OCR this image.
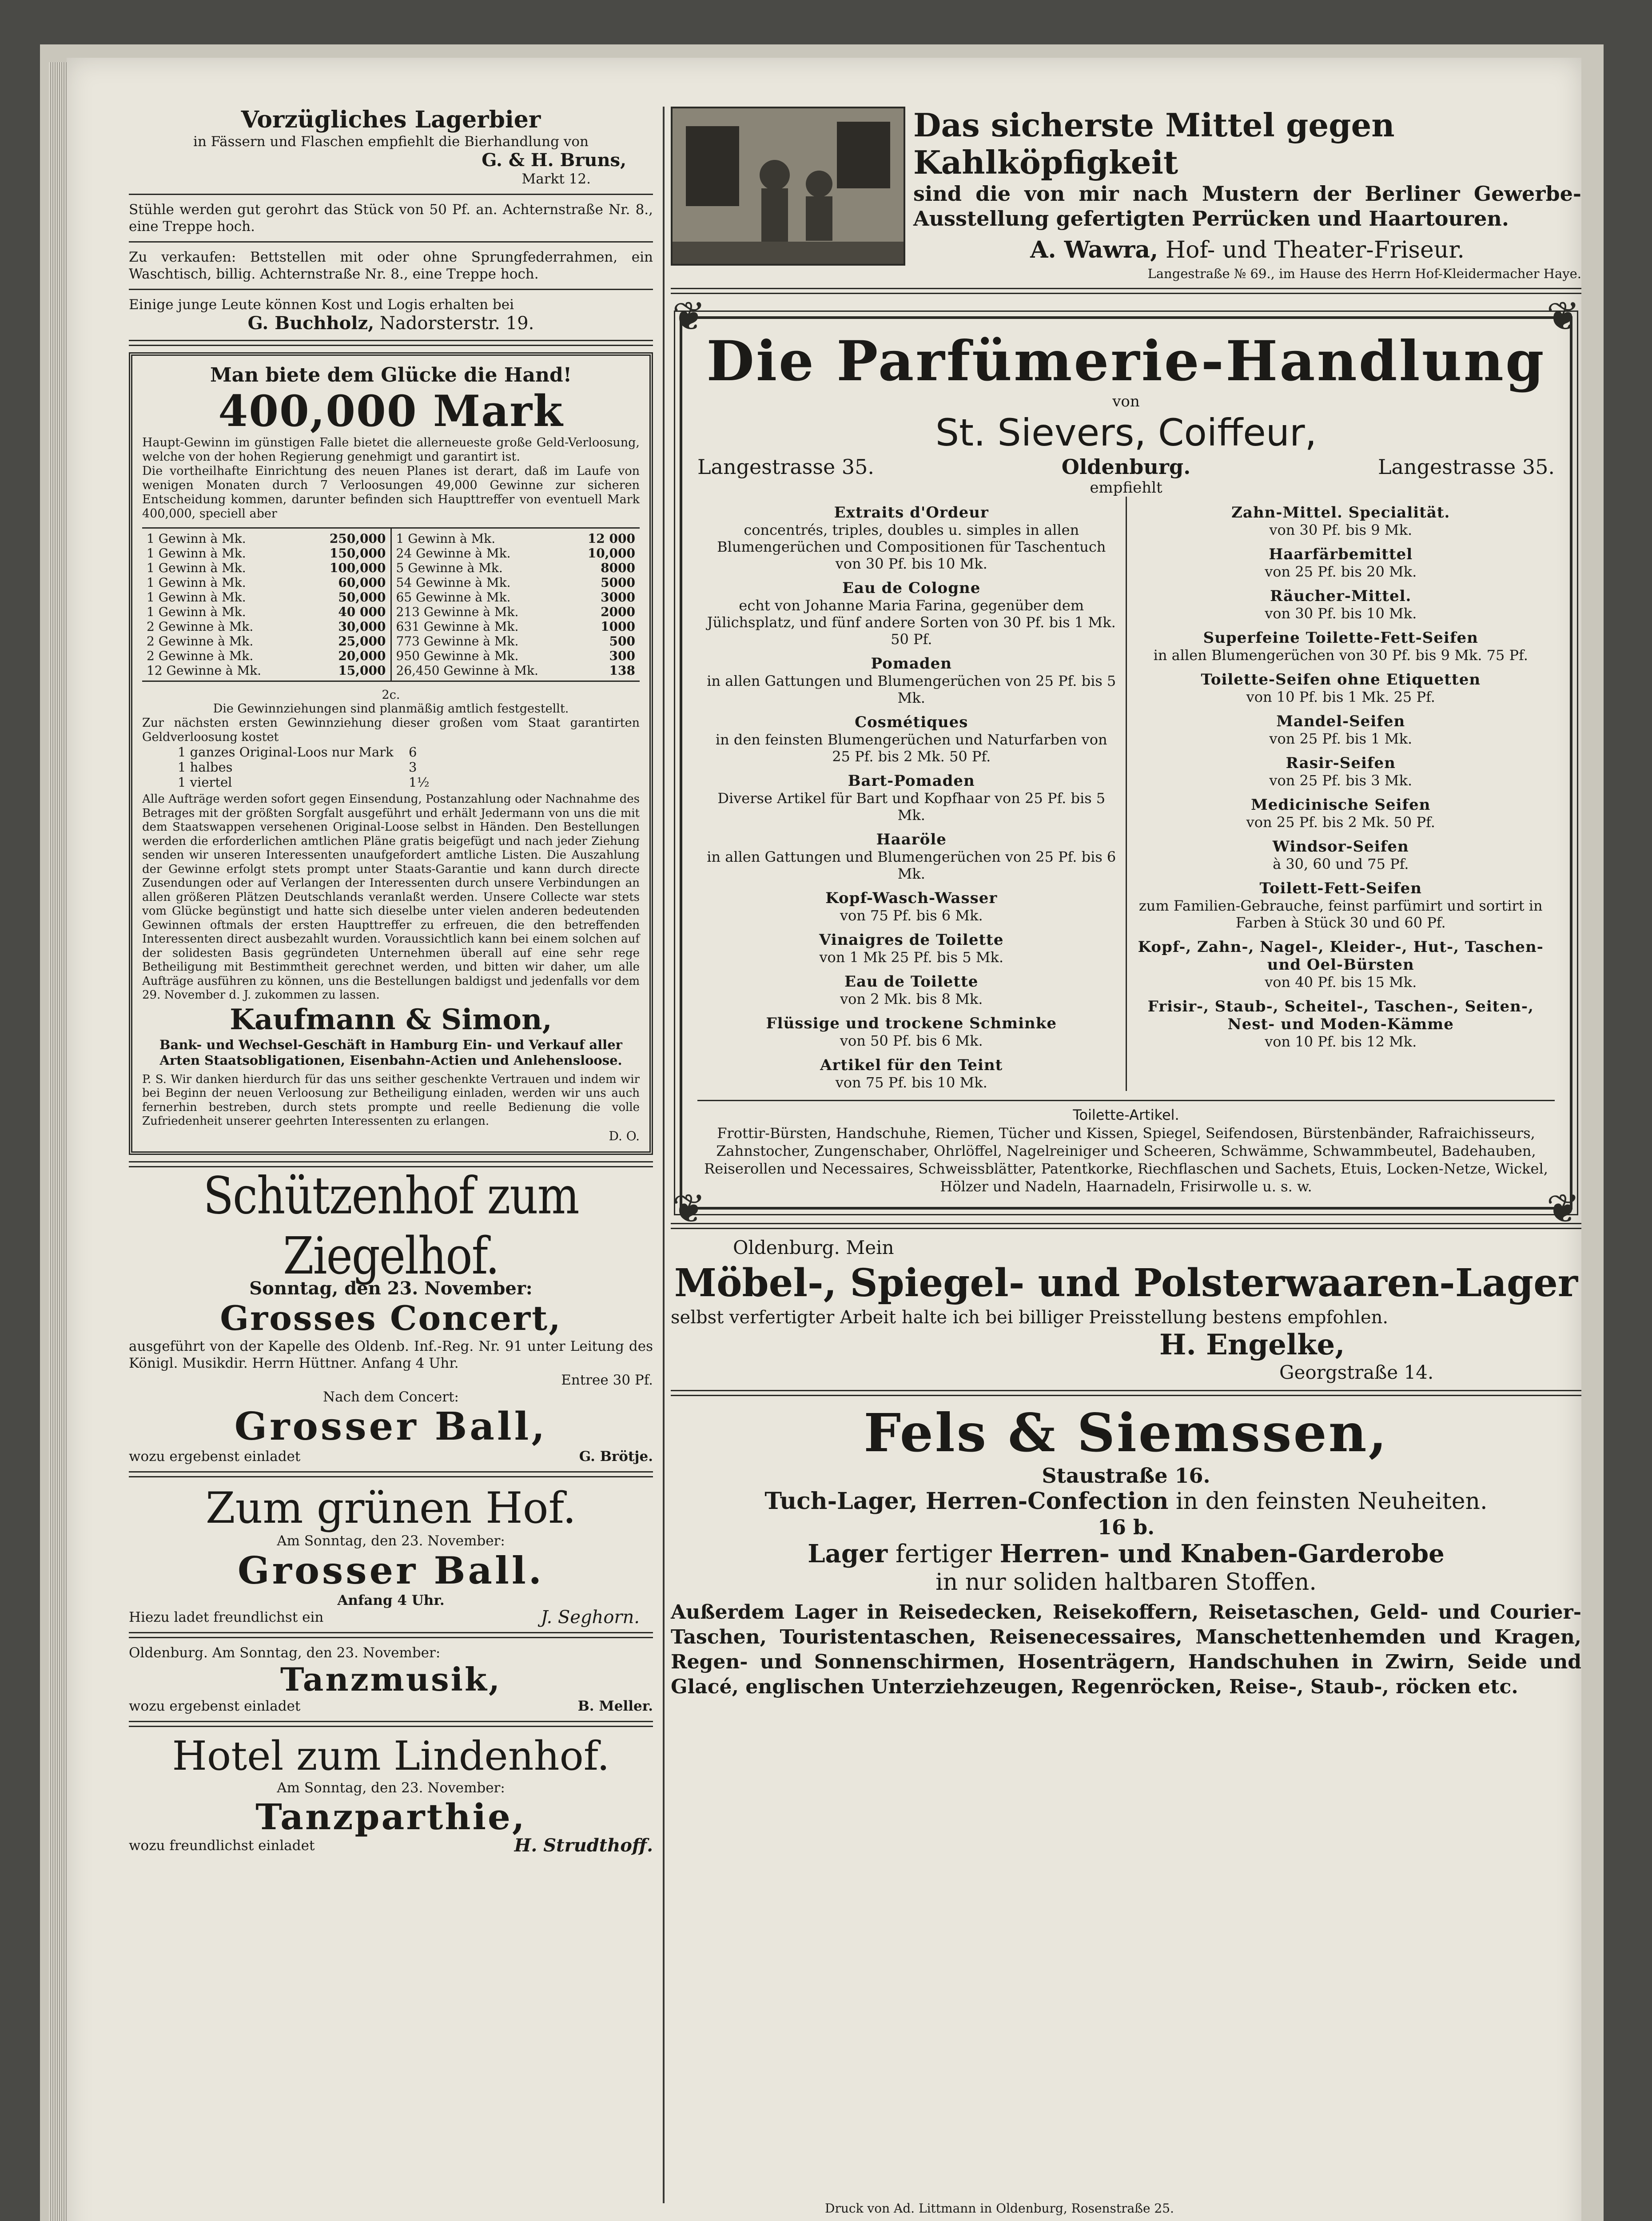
Vorzügliches Lagerbier

in Fässern und Flaschen empfiehlt die Bierhandlung von

G. & H. Bruns,

Markt 12.

Stühle werden gut gerohrt das Stück von 50 Pf. an. Achternstraße Nr. 8., eine Treppe hoch.

Zu verkaufen: Bettstellen mit oder ohne Sprungfederrahmen, ein Waschtisch, billig. Achternstraße Nr. 8., eine Treppe hoch.

Einige junge Leute können Kost und Logis erhalten bei

G. Buchholz, Nadorsterstr. 19.

Man biete dem Glücke die Hand!

400,000 Mark

Haupt-Gewinn im günstigen Falle bietet die allerneueste große Geld-Verloosung, welche von der hohen Regierung genehmigt und garantirt ist.

Die vortheilhafte Einrichtung des neuen Planes ist derart, daß im Laufe von wenigen Monaten durch 7 Verloosungen 49,000 Gewinne zur sicheren Entscheidung kommen, darunter befinden sich Haupttreffer von eventuell Mark 400,000, speciell aber

1 Gewinn à Mk.	250,000
1 Gewinn à Mk.	150,000
1 Gewinn à Mk.	100,000
1 Gewinn à Mk.	60,000
1 Gewinn à Mk.	50,000
1 Gewinn à Mk.	40 000
2 Gewinne à Mk.	30,000
2 Gewinne à Mk.	25,000
2 Gewinne à Mk.	20,000
12 Gewinne à Mk.	15,000
1 Gewinn à Mk.	12 000
24 Gewinne à Mk.	10,000
5 Gewinne à Mk.	8000
54 Gewinne à Mk.	5000
65 Gewinne à Mk.	3000
213 Gewinne à Mk.	2000
631 Gewinne à Mk.	1000
773 Gewinne à Mk.	500
950 Gewinne à Mk.	300
26,450 Gewinne à Mk.	138

2c.

Die Gewinnziehungen sind planmäßig amtlich festgestellt.

Zur nächsten ersten Gewinnziehung dieser großen vom Staat garantirten Geldverloosung kostet

1 ganzes Original-Loos nur Mark	6
1 halbes	3
1 viertel	1½

Alle Aufträge werden sofort gegen Einsendung, Postanzahlung oder Nachnahme des Betrages mit der größten Sorgfalt ausgeführt und erhält Jedermann von uns die mit dem Staatswappen versehenen Original-Loose selbst in Händen. Den Bestellungen werden die erforderlichen amtlichen Pläne gratis beigefügt und nach jeder Ziehung senden wir unseren Interessenten unaufgefordert amtliche Listen. Die Auszahlung der Gewinne erfolgt stets prompt unter Staats-Garantie und kann durch directe Zusendungen oder auf Verlangen der Interessenten durch unsere Verbindungen an allen größeren Plätzen Deutschlands veranlaßt werden. Unsere Collecte war stets vom Glücke begünstigt und hatte sich dieselbe unter vielen anderen bedeutenden Gewinnen oftmals der ersten Haupttreffer zu erfreuen, die den betreffenden Interessenten direct ausbezahlt wurden. Voraussichtlich kann bei einem solchen auf der solidesten Basis gegründeten Unternehmen überall auf eine sehr rege Betheiligung mit Bestimmtheit gerechnet werden, und bitten wir daher, um alle Aufträge ausführen zu können, uns die Bestellungen baldigst und jedenfalls vor dem 29. November d. J. zukommen zu lassen.

Kaufmann & Simon,

Bank- und Wechsel-Geschäft in Hamburg Ein- und Verkauf aller Arten Staatsobligationen, Eisenbahn-Actien und Anlehensloose.

P. S. Wir danken hierdurch für das uns seither geschenkte Vertrauen und indem wir bei Beginn der neuen Verloosung zur Betheiligung einladen, werden wir uns auch fernerhin bestreben, durch stets prompte und reelle Bedienung die volle Zufriedenheit unserer geehrten Interessenten zu erlangen.

D. O.

Schützenhof zum Ziegelhof.

Sonntag, den 23. November:

Grosses Concert,

ausgeführt von der Kapelle des Oldenb. Inf.-Reg. Nr. 91 unter Leitung des Königl. Musikdir. Herrn Hüttner. Anfang 4 Uhr.

Entree 30 Pf.

Nach dem Concert:

Grosser Ball,

wozu ergebenst einladet	G. Brötje.

Zum grünen Hof.

Am Sonntag, den 23. November:

Grosser Ball.

Anfang 4 Uhr.

Hiezu ladet freundlichst ein	J. Seghorn.

Oldenburg. Am Sonntag, den 23. November:

Tanzmusik,

wozu ergebenst einladet	B. Meller.

Hotel zum Lindenhof.

Am Sonntag, den 23. November:

Tanzparthie,

wozu freundlichst einladet	H. Strudthoff.

Das sicherste Mittel gegen Kahlköpfigkeit

sind die von mir nach Mustern der Berliner Gewerbe-Ausstellung gefertigten Perrücken und Haartouren.

A. Wawra, Hof- und Theater-Friseur.

Langestraße № 69., im Hause des Herrn Hof-Kleidermacher Haye.

❦	❦
❦	❦

Die Parfümerie-Handlung

von

St. Sievers, Coiffeur,

Langestrasse 35.	Oldenburg.	Langestrasse 35.

empfiehlt

Extraits d'Ordeur

concentrés, triples, doubles u. simples in allen Blumengerüchen und Compositionen für Taschentuch von 30 Pf. bis 10 Mk.

Eau de Cologne

echt von Johanne Maria Farina, gegenüber dem Jülichsplatz, und fünf andere Sorten von 30 Pf. bis 1 Mk. 50 Pf.

Pomaden

in allen Gattungen und Blumengerüchen von 25 Pf. bis 5 Mk.

Cosmétiques

in den feinsten Blumengerüchen und Naturfarben von 25 Pf. bis 2 Mk. 50 Pf.

Bart-Pomaden

Diverse Artikel für Bart und Kopfhaar von 25 Pf. bis 5 Mk.

Haaröle

in allen Gattungen und Blumengerüchen von 25 Pf. bis 6 Mk.

Kopf-Wasch-Wasser

von 75 Pf. bis 6 Mk.

Vinaigres de Toilette

von 1 Mk 25 Pf. bis 5 Mk.

Eau de Toilette

von 2 Mk. bis 8 Mk.

Flüssige und trockene Schminke

von 50 Pf. bis 6 Mk.

Artikel für den Teint

von 75 Pf. bis 10 Mk.

Zahn-Mittel. Specialität.

von 30 Pf. bis 9 Mk.

Haarfärbemittel

von 25 Pf. bis 20 Mk.

Räucher-Mittel.

von 30 Pf. bis 10 Mk.

Superfeine Toilette-Fett-Seifen

in allen Blumengerüchen von 30 Pf. bis 9 Mk. 75 Pf.

Toilette-Seifen ohne Etiquetten

von 10 Pf. bis 1 Mk. 25 Pf.

Mandel-Seifen

von 25 Pf. bis 1 Mk.

Rasir-Seifen

von 25 Pf. bis 3 Mk.

Medicinische Seifen

von 25 Pf. bis 2 Mk. 50 Pf.

Windsor-Seifen

à 30, 60 und 75 Pf.

Toilett-Fett-Seifen

zum Familien-Gebrauche, feinst parfümirt und sortirt in Farben à Stück 30 und 60 Pf.

Kopf-, Zahn-, Nagel-, Kleider-, Hut-, Taschen- und Oel-Bürsten

von 40 Pf. bis 15 Mk.

Frisir-, Staub-, Scheitel-, Taschen-, Seiten-, Nest- und Moden-Kämme

von 10 Pf. bis 12 Mk.

Toilette-Artikel.

Frottir-Bürsten, Handschuhe, Riemen, Tücher und Kissen, Spiegel, Seifendosen, Bürstenbänder, Rafraichisseurs, Zahnstocher, Zungenschaber, Ohrlöffel, Nagelreiniger und Scheeren, Schwämme, Schwammbeutel, Badehauben, Reiserollen und Necessaires, Schweissblätter, Patentkorke, Riechflaschen und Sachets, Etuis, Locken-Netze, Wickel, Hölzer und Nadeln, Haarnadeln, Frisirwolle u. s. w.

Oldenburg. Mein

Möbel-, Spiegel- und Polsterwaaren-Lager

selbst verfertigter Arbeit halte ich bei billiger Preisstellung bestens empfohlen.

H. Engelke,

Georgstraße 14.

Fels & Siemssen,

Staustraße 16.

Tuch-Lager, Herren-Confection in den feinsten Neuheiten.

16 b.

Lager fertiger Herren- und Knaben-Garderobe

in nur soliden haltbaren Stoffen.

Außerdem Lager in Reisedecken, Reisekoffern, Reisetaschen, Geld- und Courier-Taschen, Touristentaschen, Reisenecessaires, Manschettenhemden und Kragen, Regen- und Sonnenschirmen, Hosenträgern, Handschuhen in Zwirn, Seide und Glacé, englischen Unterziehzeugen, Regenröcken, Reise-, Staub-, röcken etc.

Druck von Ad. Littmann in Oldenburg, Rosenstraße 25.
